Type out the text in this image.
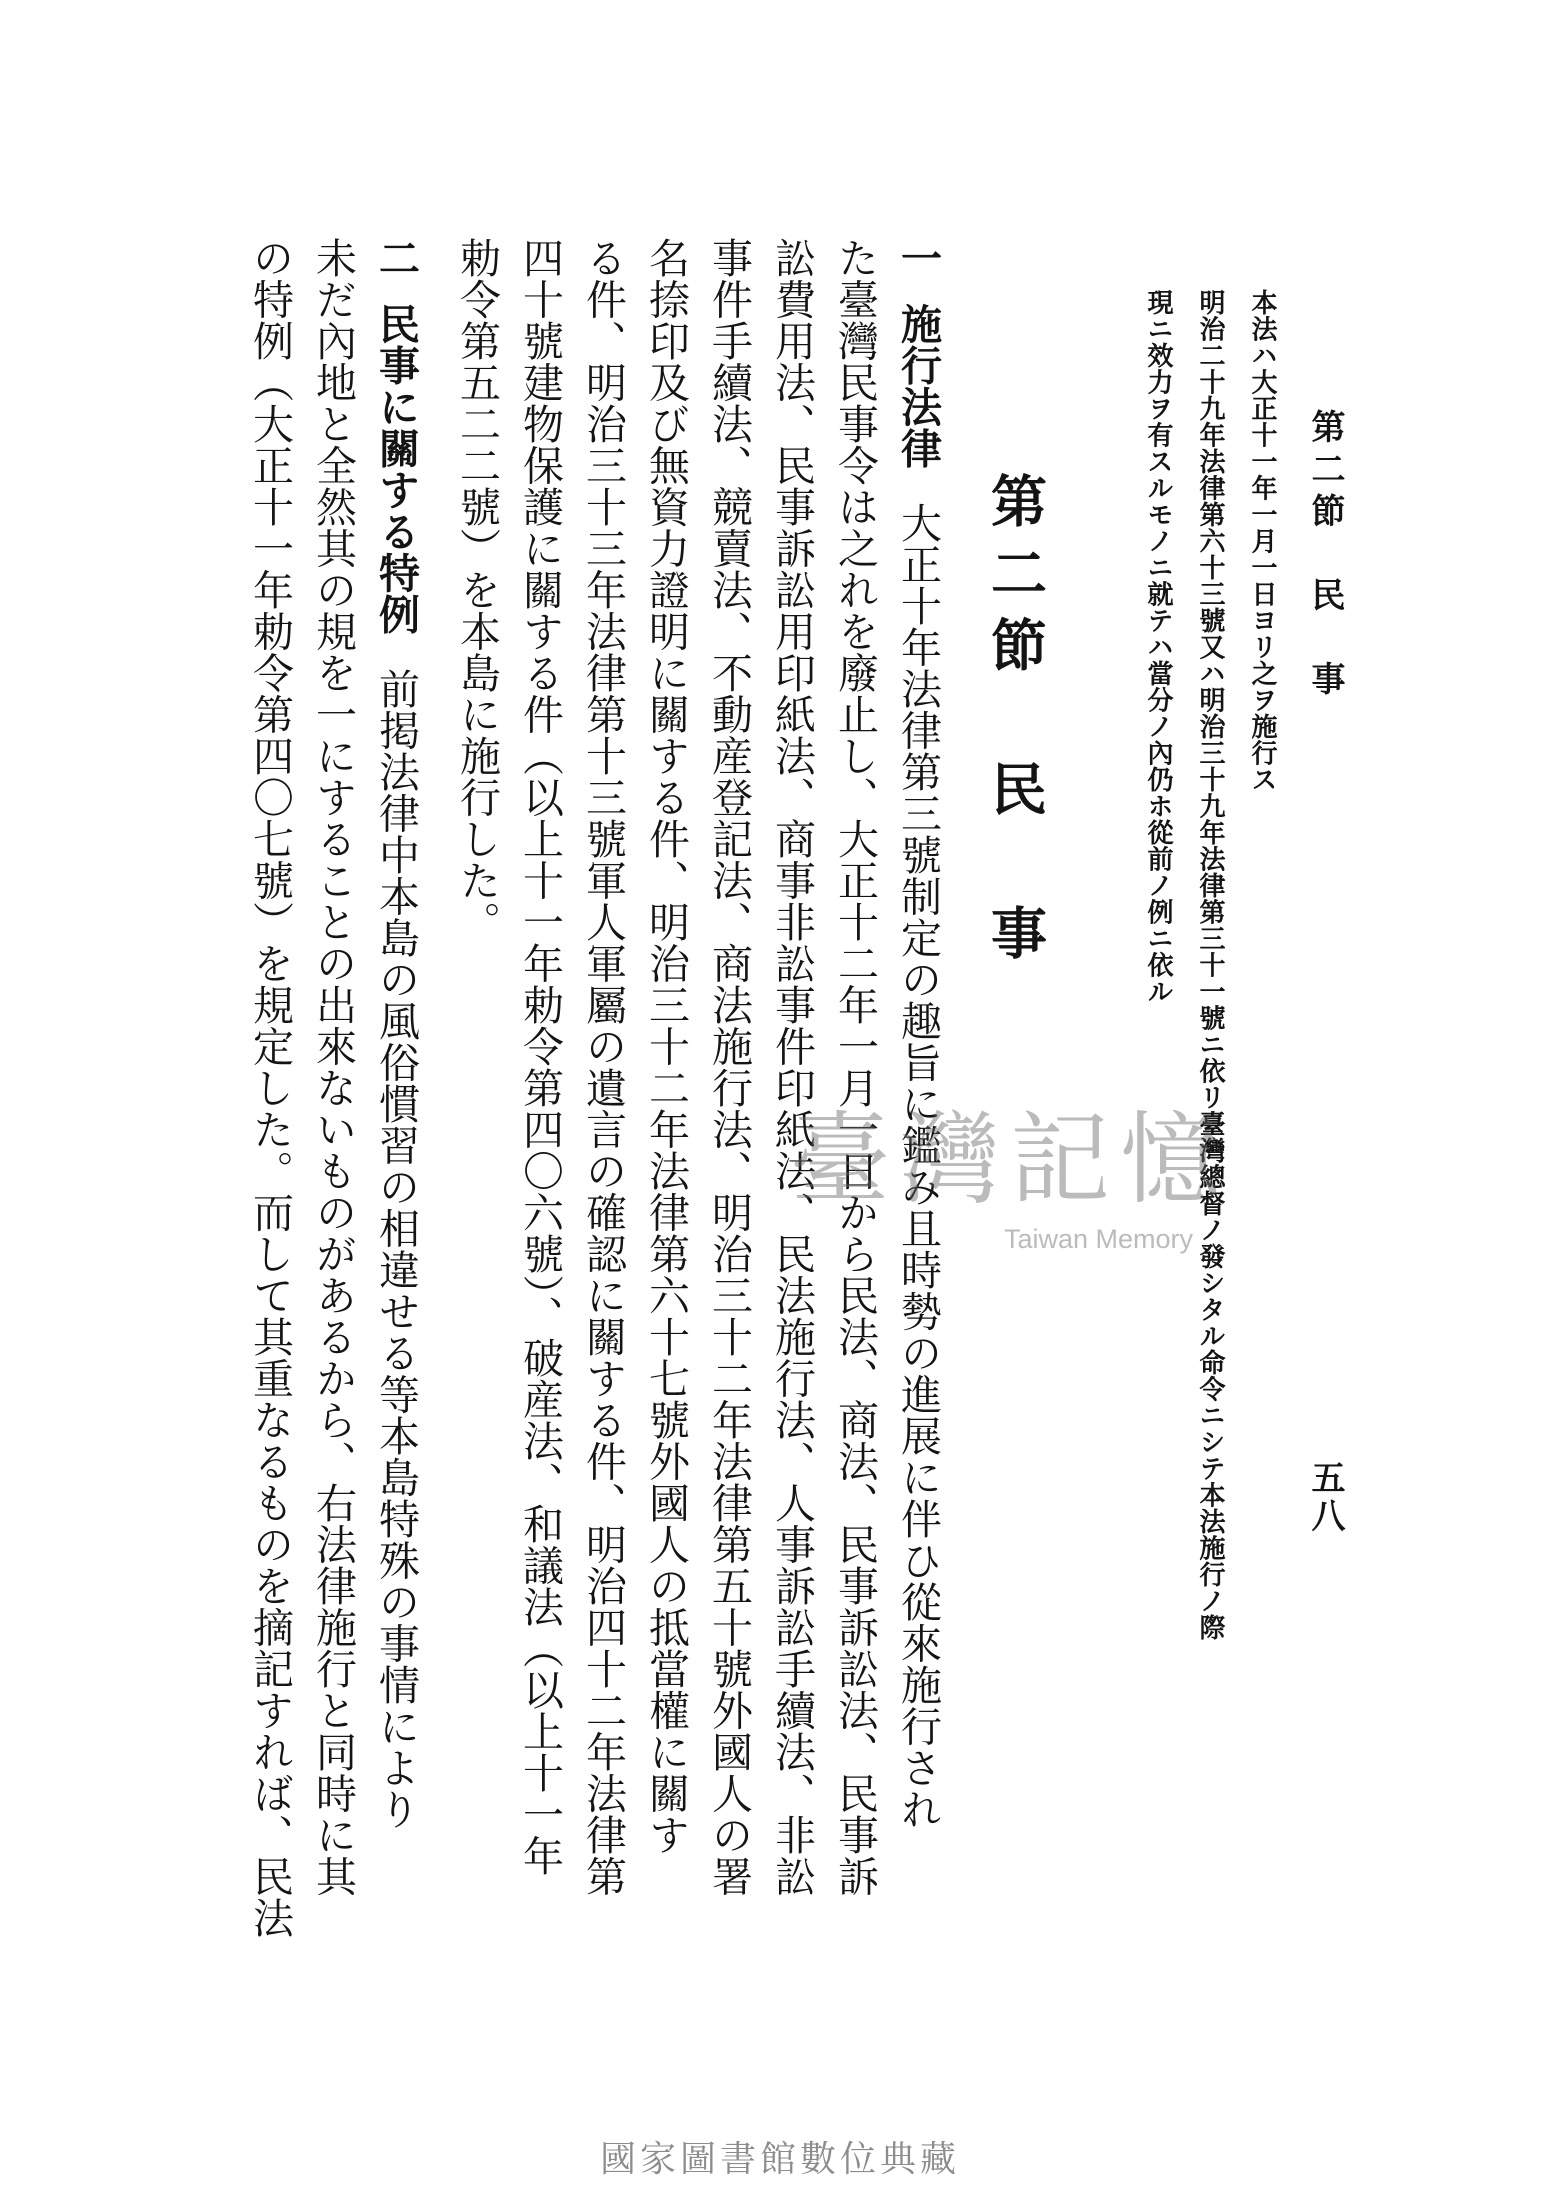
第二節　民　事
五八
本法ハ大正十一年一月一日ヨリ之ヲ施行ス
明治二十九年法律第六十三號又ハ明治三十九年法律第三十一號ニ依リ臺灣總督ノ發シタル命令ニシテ本法施行ノ際
現ニ效力ヲ有スルモノニ就テハ當分ノ內仍ホ從前ノ例ニ依ル
第二節　民　事
一施行法律大正十年法律第三號制定の趣旨に鑑み且時勢の進展に伴ひ從來施行され
た臺灣民事令は之れを廢止し、大正十二年一月一日から民法、商法、民事訴訟法、民事訴
訟費用法、民事訴訟用印紙法、商事非訟事件印紙法、民法施行法、人事訴訟手續法、非訟
事件手續法、競賣法、不動産登記法、商法施行法、明治三十二年法律第五十號外國人の署
名捺印及び無資力證明に關する件、明治三十二年法律第六十七號外國人の抵當權に關す
る件、明治三十三年法律第十三號軍人軍屬の遺言の確認に關する件、明治四十二年法律第
四十號建物保護に關する件（以上十一年勅令第四〇六號）、破産法、和議法（以上十一年
勅令第五二二號）を本島に施行した。
二民事に關する特例前掲法律中本島の風俗慣習の相違せる等本島特殊の事情により
未だ內地と全然其の規を一にすることの出來ないものがあるから、右法律施行と同時に其
の特例（大正十一年勅令第四〇七號）を規定した。而して其重なるものを摘記すれば、民法	臺灣記憶
Taiwan Memory
國家圖書館數位典藏
